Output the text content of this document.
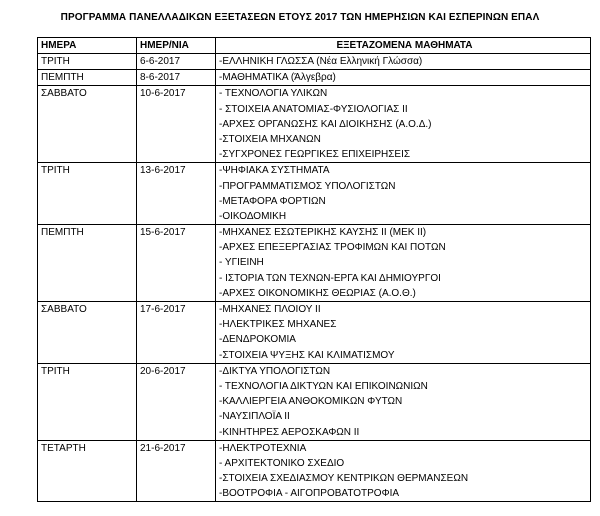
ΠΡΟΓΡΑΜΜΑ ΠΑΝΕΛΛΑΔΙΚΩΝ ΕΞΕΤΑΣΕΩΝ ΕΤΟΥΣ 2017 ΤΩΝ ΗΜΕΡΗΣΙΩΝ ΚΑΙ ΕΣΠΕΡΙΝΩΝ ΕΠΑΛ
ΗΜΕΡΑ	ΗΜΕΡ/ΝΙΑ	ΕΞΕΤΑΖΟΜΕΝΑ ΜΑΘΗΜΑΤΑ
ΤΡΙΤΗ	6-6-2017	-ΕΛΛΗΝΙΚΗ ΓΛΩΣΣΑ (Νέα Ελληνική Γλώσσα)

ΠΕΜΠΤΗ	8-6-2017	-ΜΑΘΗΜΑΤΙΚΑ (Άλγεβρα)

ΣΑΒΒΑΤΟ	10-6-2017	- ΤΕΧΝΟΛΟΓΙΑ ΥΛΙΚΩΝ
- ΣΤΟΙΧΕΙΑ ΑΝΑΤΟΜΙΑΣ-ΦΥΣΙΟΛΟΓΙΑΣ ΙΙ
-ΑΡΧΕΣ ΟΡΓΑΝΩΣΗΣ ΚΑΙ ΔΙΟΙΚΗΣΗΣ (Α.Ο.Δ.)
-ΣΤΟΙΧΕΙΑ ΜΗΧΑΝΩΝ
-ΣΥΓΧΡΟΝΕΣ ΓΕΩΡΓΙΚΕΣ ΕΠΙΧΕΙΡΗΣΕΙΣ

ΤΡΙΤΗ	13-6-2017	-ΨΗΦΙΑΚΑ ΣΥΣΤΗΜΑΤΑ
-ΠΡΟΓΡΑΜΜΑΤΙΣΜΟΣ ΥΠΟΛΟΓΙΣΤΩΝ
-ΜΕΤΑΦΟΡΑ ΦΟΡΤΙΩΝ
-ΟΙΚΟΔΟΜΙΚΗ

ΠΕΜΠΤΗ	15-6-2017	-ΜΗΧΑΝΕΣ ΕΣΩΤΕΡΙΚΗΣ ΚΑΥΣΗΣ ΙΙ (ΜΕΚ ΙΙ)
-ΑΡΧΕΣ ΕΠΕΞΕΡΓΑΣΙΑΣ ΤΡΟΦΙΜΩΝ ΚΑΙ ΠΟΤΩΝ
- ΥΓΙΕΙΝΗ
- ΙΣΤΟΡΙΑ ΤΩΝ ΤΕΧΝΩΝ-ΕΡΓΑ ΚΑΙ ΔΗΜΙΟΥΡΓΟΙ
-ΑΡΧΕΣ ΟΙΚΟΝΟΜΙΚΗΣ ΘΕΩΡΙΑΣ (Α.Ο.Θ.)

ΣΑΒΒΑΤΟ	17-6-2017	-ΜΗΧΑΝΕΣ ΠΛΟΙΟΥ ΙΙ
-ΗΛΕΚΤΡΙΚΕΣ ΜΗΧΑΝΕΣ
-ΔΕΝΔΡΟΚΟΜΙΑ
-ΣΤΟΙΧΕΙΑ ΨΥΞΗΣ ΚΑΙ ΚΛΙΜΑΤΙΣΜΟΥ

ΤΡΙΤΗ	20-6-2017	-ΔΙΚΤΥΑ ΥΠΟΛΟΓΙΣΤΩΝ
- ΤΕΧΝΟΛΟΓΙΑ ΔΙΚΤΥΩΝ ΚΑΙ ΕΠΙΚΟΙΝΩΝΙΩΝ
-ΚΑΛΛΙΕΡΓΕΙΑ ΑΝΘΟΚΟΜΙΚΩΝ ΦΥΤΩΝ
-ΝΑΥΣΙΠΛΟΪΑ ΙΙ
-ΚΙΝΗΤΗΡΕΣ ΑΕΡΟΣΚΑΦΩΝ ΙΙ

ΤΕΤΑΡΤΗ	21-6-2017	-ΗΛΕΚΤΡΟΤΕΧΝΙΑ
- ΑΡΧΙΤΕΚΤΟΝΙΚΟ ΣΧΕΔΙΟ
-ΣΤΟΙΧΕΙΑ ΣΧΕΔΙΑΣΜΟΥ ΚΕΝΤΡΙΚΩΝ ΘΕΡΜΑΝΣΕΩΝ
-ΒΟΟΤΡΟΦΙΑ - ΑΙΓΟΠΡΟΒΑΤΟΤΡΟΦΙΑ
